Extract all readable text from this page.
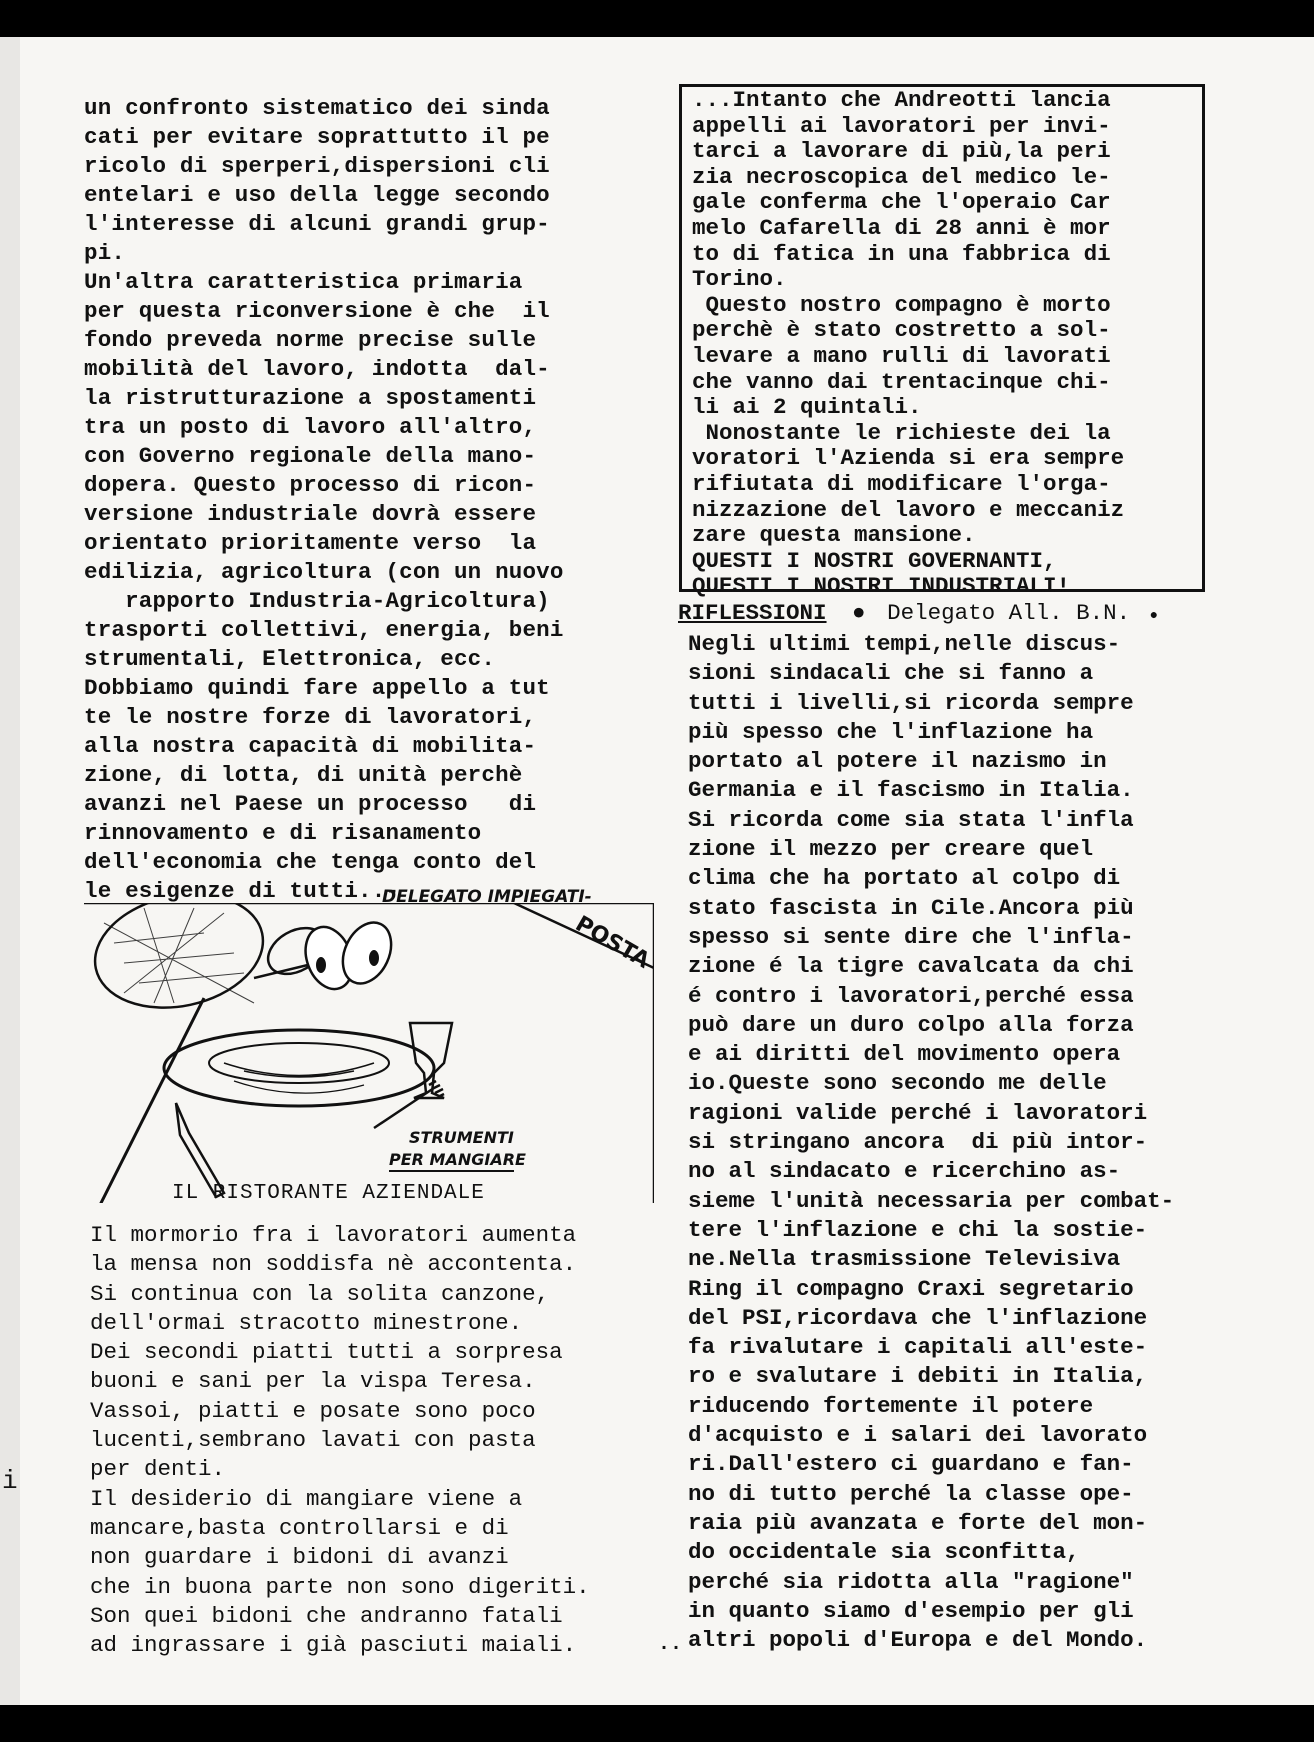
un confronto sistematico dei sinda
cati per evitare soprattutto il pe
ricolo di sperperi,dispersioni cli
entelari e uso della legge secondo
l'interesse di alcuni grandi grup-
pi.
Un'altra caratteristica primaria
per questa riconversione è che  il
fondo preveda norme precise sulle
mobilità del lavoro, indotta  dal-
la ristrutturazione a spostamenti
tra un posto di lavoro all'altro,
con Governo regionale della mano-
dopera. Questo processo di ricon-
versione industriale dovrà essere
orientato prioritamente verso  la
edilizia, agricoltura (con un nuovo
rapporto Industria-Agricoltura)
trasporti collettivi, energia, beni
strumentali, Elettronica, ecc.
Dobbiamo quindi fare appello a tut
te le nostre forze di lavoratori,
alla nostra capacità di mobilita-
zione, di lotta, di unità perchè
avanzi nel Paese un processo   di
rinnovamento e di risanamento
dell'economia che tenga conto del
le esigenze di tutti..-
DELEGATO IMPIEGATI-
...Intanto che Andreotti lancia
appelli ai lavoratori per invi-
tarci a lavorare di più,la peri
zia necroscopica del medico le-
gale conferma che l'operaio Car
melo Cafarella di 28 anni è mor
to di fatica in una fabbrica di
Torino.
Questo nostro compagno è morto
perchè è stato costretto a sol-
levare a mano rulli di lavorati
che vanno dai trentacinque chi-
li ai 2 quintali.
Nonostante le richieste dei la
voratori l'Azienda si era sempre
rifiutata di modificare l'orga-
nizzazione del lavoro e meccaniz
zare questa mansione.
QUESTI I NOSTRI GOVERNANTI,
QUESTI I NOSTRI INDUSTRIALI!
RIFLESSIONI ● Delegato All. B.N. ●
Negli ultimi tempi,nelle discus-
sioni sindacali che si fanno a
tutti i livelli,si ricorda sempre
più spesso che l'inflazione ha
portato al potere il nazismo in
Germania e il fascismo in Italia.
Si ricorda come sia stata l'infla
zione il mezzo per creare quel
clima che ha portato al colpo di
stato fascista in Cile.Ancora più
spesso si sente dire che l'infla-
zione é la tigre cavalcata da chi
é contro i lavoratori,perché essa
può dare un duro colpo alla forza
e ai diritti del movimento opera
io.Queste sono secondo me delle
ragioni valide perché i lavoratori
si stringano ancora  di più intor-
no al sindacato e ricerchino as-
sieme l'unità necessaria per combat-
tere l'inflazione e chi la sostie-
ne.Nella trasmissione Televisiva
Ring il compagno Craxi segretario
del PSI,ricordava che l'inflazione
fa rivalutare i capitali all'este-
ro e svalutare i debiti in Italia,
riducendo fortemente il potere
d'acquisto e i salari dei lavorato
ri.Dall'estero ci guardano e fan-
no di tutto perché la classe ope-
raia più avanzata e forte del mon-
do occidentale sia sconfitta,
perché sia ridotta alla "ragione"
in quanto siamo d'esempio per gli
altri popoli d'Europa e del Mondo.
POSTA
STRUMENTI
PER MANGIARE
IL RISTORANTE AZIENDALE
Il mormorio fra i lavoratori aumenta
la mensa non soddisfa nè accontenta.
Si continua con la solita canzone,
dell'ormai stracotto minestrone.
Dei secondi piatti tutti a sorpresa
buoni e sani per la vispa Teresa.
Vassoi, piatti e posate sono poco
lucenti,sembrano lavati con pasta
per denti.
Il desiderio di mangiare viene a
mancare,basta controllarsi e di
non guardare i bidoni di avanzi
che in buona parte non sono digeriti.
Son quei bidoni che andranno fatali
ad ingrassare i già pasciuti maiali.	..
i
